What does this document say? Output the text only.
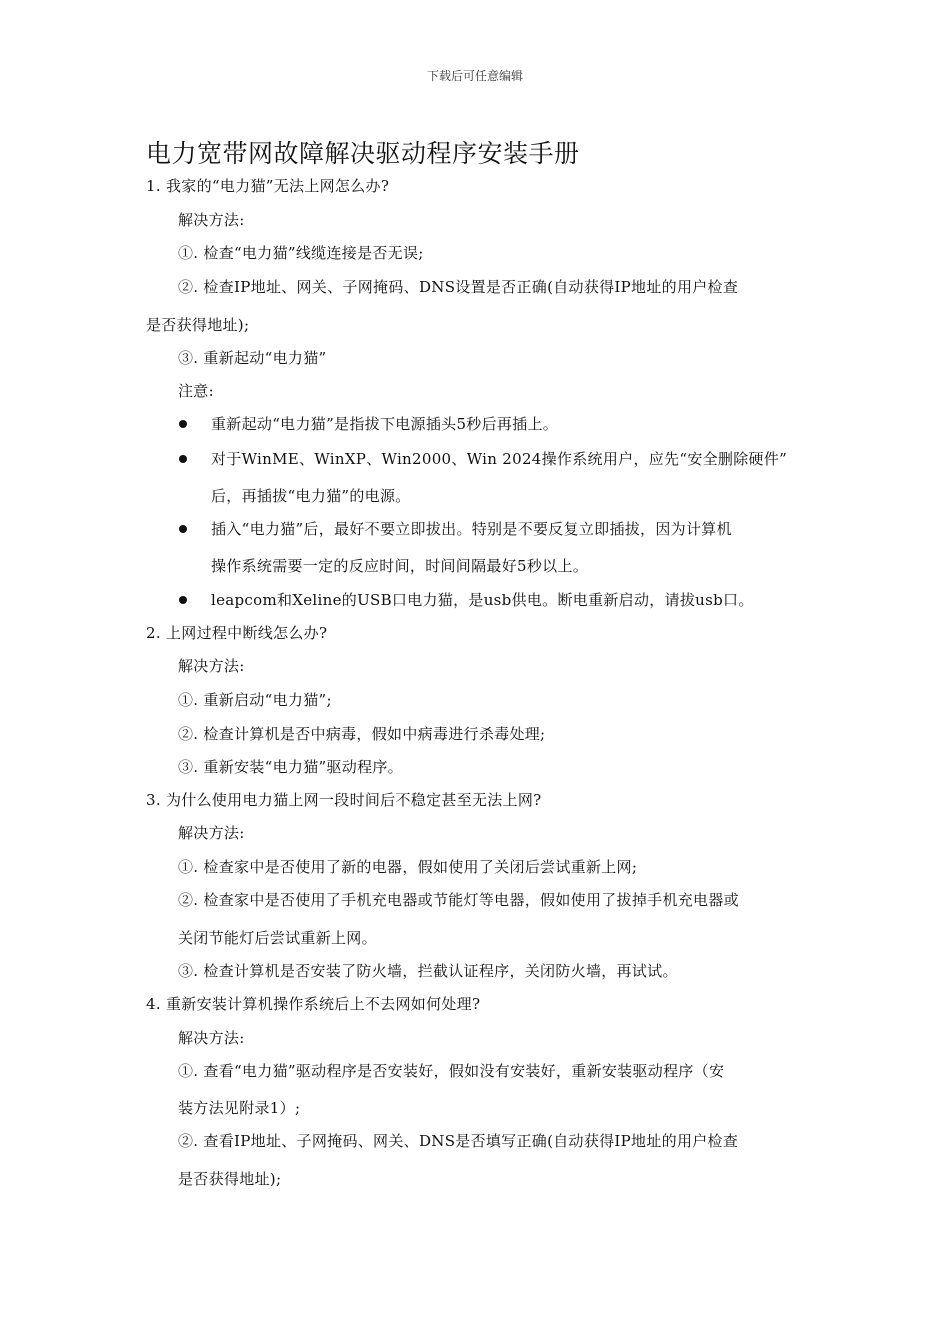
下载后可任意编辑
电力宽带网故障解决驱动程序安装手册
1. 我家的“电力猫”无法上网怎么办?
解决方法:
①. 检查“电力猫”线缆连接是否无误;
②. 检查IP地址、网关、子网掩码、DNS设置是否正确(自动获得IP地址的用户检查
是否获得地址);
③. 重新起动“电力猫”
注意:
重新起动“电力猫”是指拔下电源插头5秒后再插上。
对于WinME、WinXP、Win2000、Win 2024操作系统用户，应先“安全删除硬件”
后，再插拔“电力猫”的电源。
插入“电力猫”后，最好不要立即拔出。特别是不要反复立即插拔，因为计算机
操作系统需要一定的反应时间，时间间隔最好5秒以上。
leapcom和Xeline的USB口电力猫，是usb供电。断电重新启动，请拔usb口。
2. 上网过程中断线怎么办?
解决方法:
①. 重新启动“电力猫”;
②. 检查计算机是否中病毒，假如中病毒进行杀毒处理;
③. 重新安装“电力猫”驱动程序。
3. 为什么使用电力猫上网一段时间后不稳定甚至无法上网?
解决方法:
①. 检查家中是否使用了新的电器，假如使用了关闭后尝试重新上网;
②. 检查家中是否使用了手机充电器或节能灯等电器，假如使用了拔掉手机充电器或
关闭节能灯后尝试重新上网。
③. 检查计算机是否安装了防火墙，拦截认证程序，关闭防火墙，再试试。
4. 重新安装计算机操作系统后上不去网如何处理?
解决方法:
①. 查看“电力猫”驱动程序是否安装好，假如没有安装好，重新安装驱动程序（安
装方法见附录1）;
②. 查看IP地址、子网掩码、网关、DNS是否填写正确(自动获得IP地址的用户检查
是否获得地址);
